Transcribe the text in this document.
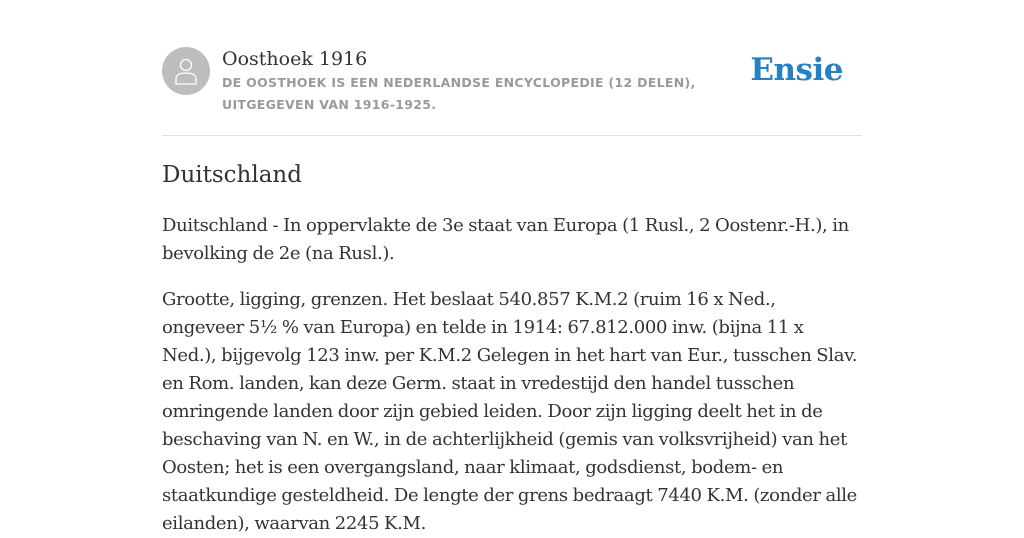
Oosthoek 1916
DE OOSTHOEK IS EEN NEDERLANDSE ENCYCLOPEDIE (12 DELEN), UITGEGEVEN VAN 1916-1925.
Ensie
Duitschland

Duitschland - In oppervlakte de 3e staat van Europa (1 Rusl., 2 Oostenr.-H.), in bevolking de 2e (na Rusl.).

Grootte, ligging, grenzen. Het beslaat 540.857 K.M.2 (ruim 16 x Ned., ongeveer 5½ % van Europa) en telde in 1914: 67.812.000 inw. (bijna 11 x Ned.), bijgevolg 123 inw. per K.M.2 Gelegen in het hart van Eur., tusschen Slav. en Rom. landen, kan deze Germ. staat in vredestijd den handel tusschen omringende landen door zijn gebied leiden. Door zijn ligging deelt het in de beschaving van N. en W., in de achterlijkheid (gemis van volksvrijheid) van het Oosten; het is een overgangsland, naar klimaat, godsdienst, bodem- en staatkundige gesteldheid. De lengte der grens bedraagt 7440 K.M. (zonder alle eilanden), waarvan 2245 K.M.
